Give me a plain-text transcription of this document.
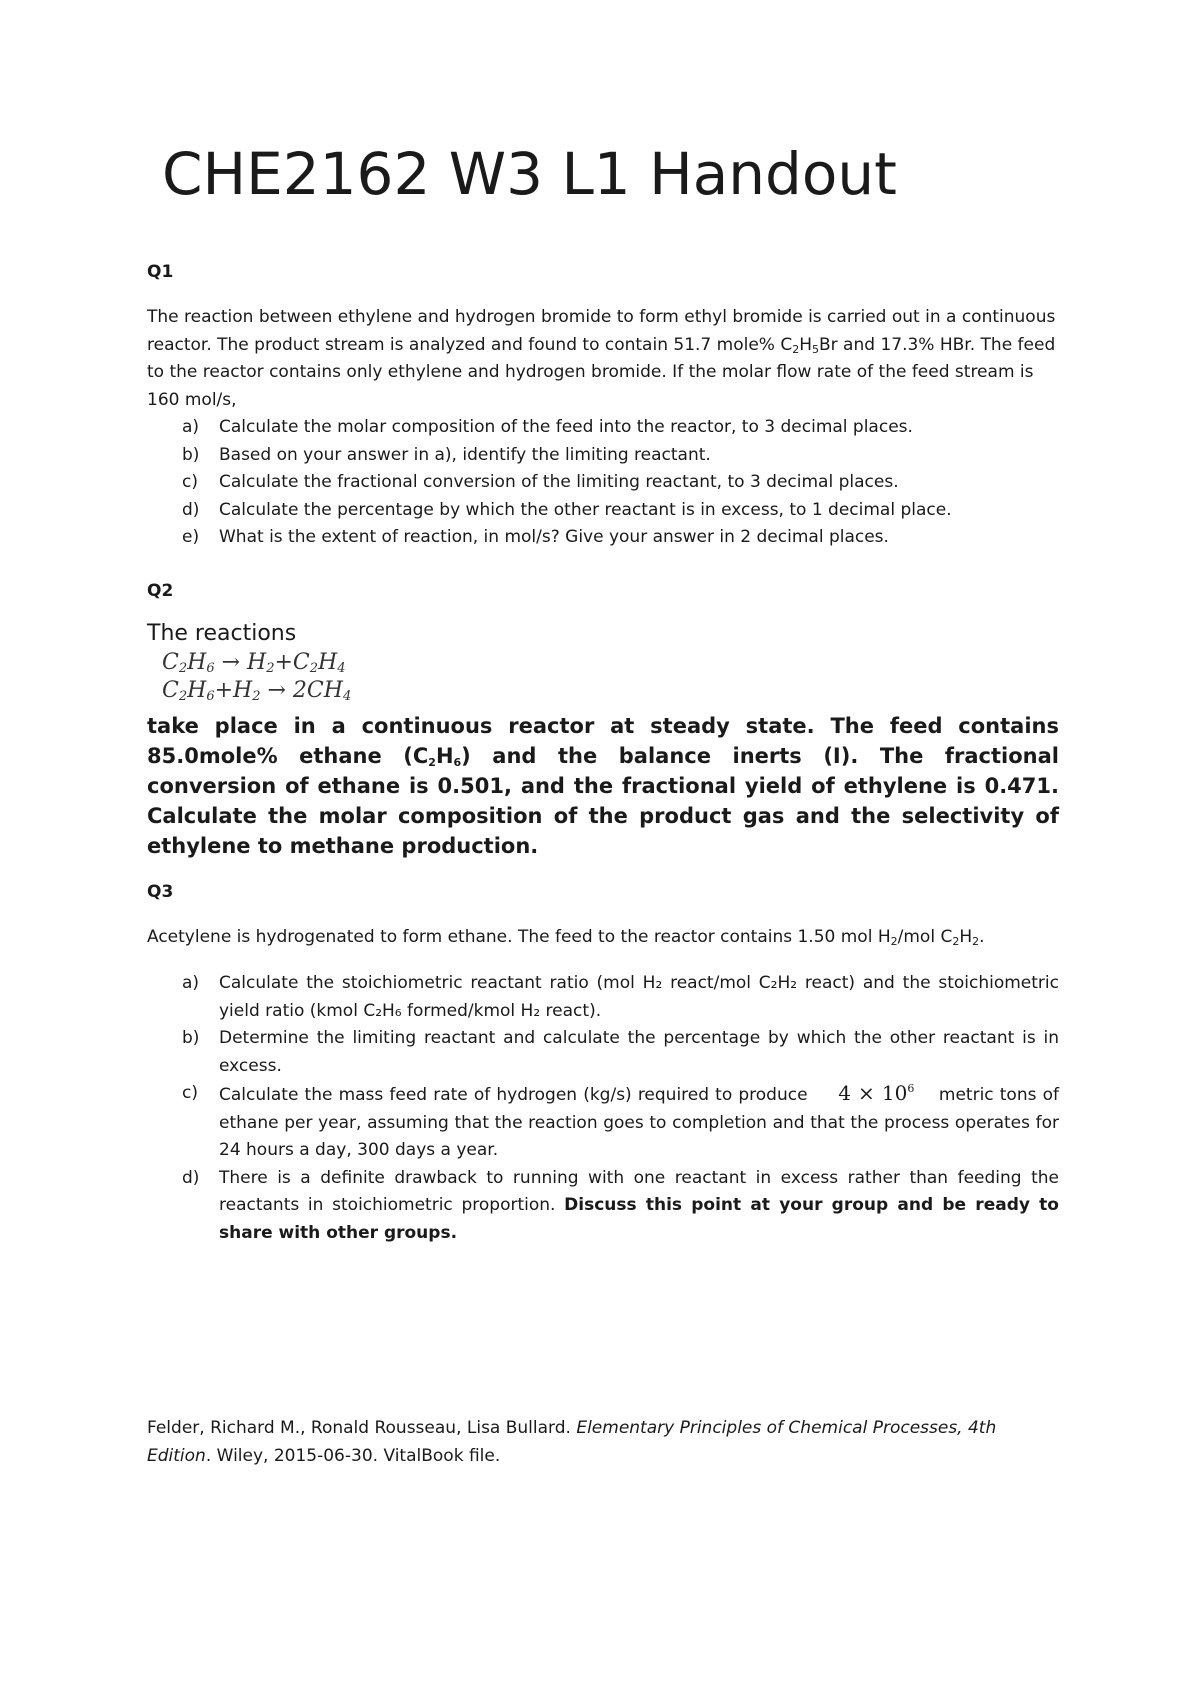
CHE2162 W3 L1 Handout
Q1

The reaction between ethylene and hydrogen bromide to form ethyl bromide is carried out in a continuous reactor. The product stream is analyzed and found to contain 51.7 mole% $C_2H_5Br$ and 17.3% HBr. The feed to the reactor contains only ethylene and hydrogen bromide. If the molar flow rate of the feed stream is 160 mol/s,

a)	Calculate the molar composition of the feed into the reactor, to 3 decimal places.
b)	Based on your answer in a), identify the limiting reactant.
c)	Calculate the fractional conversion of the limiting reactant, to 3 decimal places.
d)	Calculate the percentage by which the other reactant is in excess, to 1 decimal place.
e)	What is the extent of reaction, in mol/s? Give your answer in 2 decimal places.
Q2
The reactions
$C_2H_6 \to H_2+C_2H_4$
$C_2H_6+H_2 \to 2CH_4$
take place in a continuous reactor at steady state. The feed contains 85.0mole% ethane $(C_2H_6)$ and the balance inerts (I). The fractional conversion of ethane is 0.501, and the fractional yield of ethylene is 0.471. Calculate the molar composition of the product gas and the selectivity of ethylene to methane production.
Q3

Acetylene is hydrogenated to form ethane. The feed to the reactor contains 1.50 mol $H_2$/mol $C_2H_2$.

a)	Calculate the stoichiometric reactant ratio (mol H₂ react/mol C₂H₂ react) and the stoichiometric yield ratio (kmol C₂H₆ formed/kmol H₂ react).
b)	Determine the limiting reactant and calculate the percentage by which the other reactant is in excess.
c)	Calculate the mass feed rate of hydrogen (kg/s) required to produce $4 \times 10^6$ metric tons of ethane per year, assuming that the reaction goes to completion and that the process operates for 24 hours a day, 300 days a year.
d)	There is a definite drawback to running with one reactant in excess rather than feeding the reactants in stoichiometric proportion. Discuss this point at your group and be ready to share with other groups.
Felder, Richard M., Ronald Rousseau, Lisa Bullard. Elementary Principles of Chemical Processes, 4th Edition. Wiley, 2015-06-30. VitalBook file.
